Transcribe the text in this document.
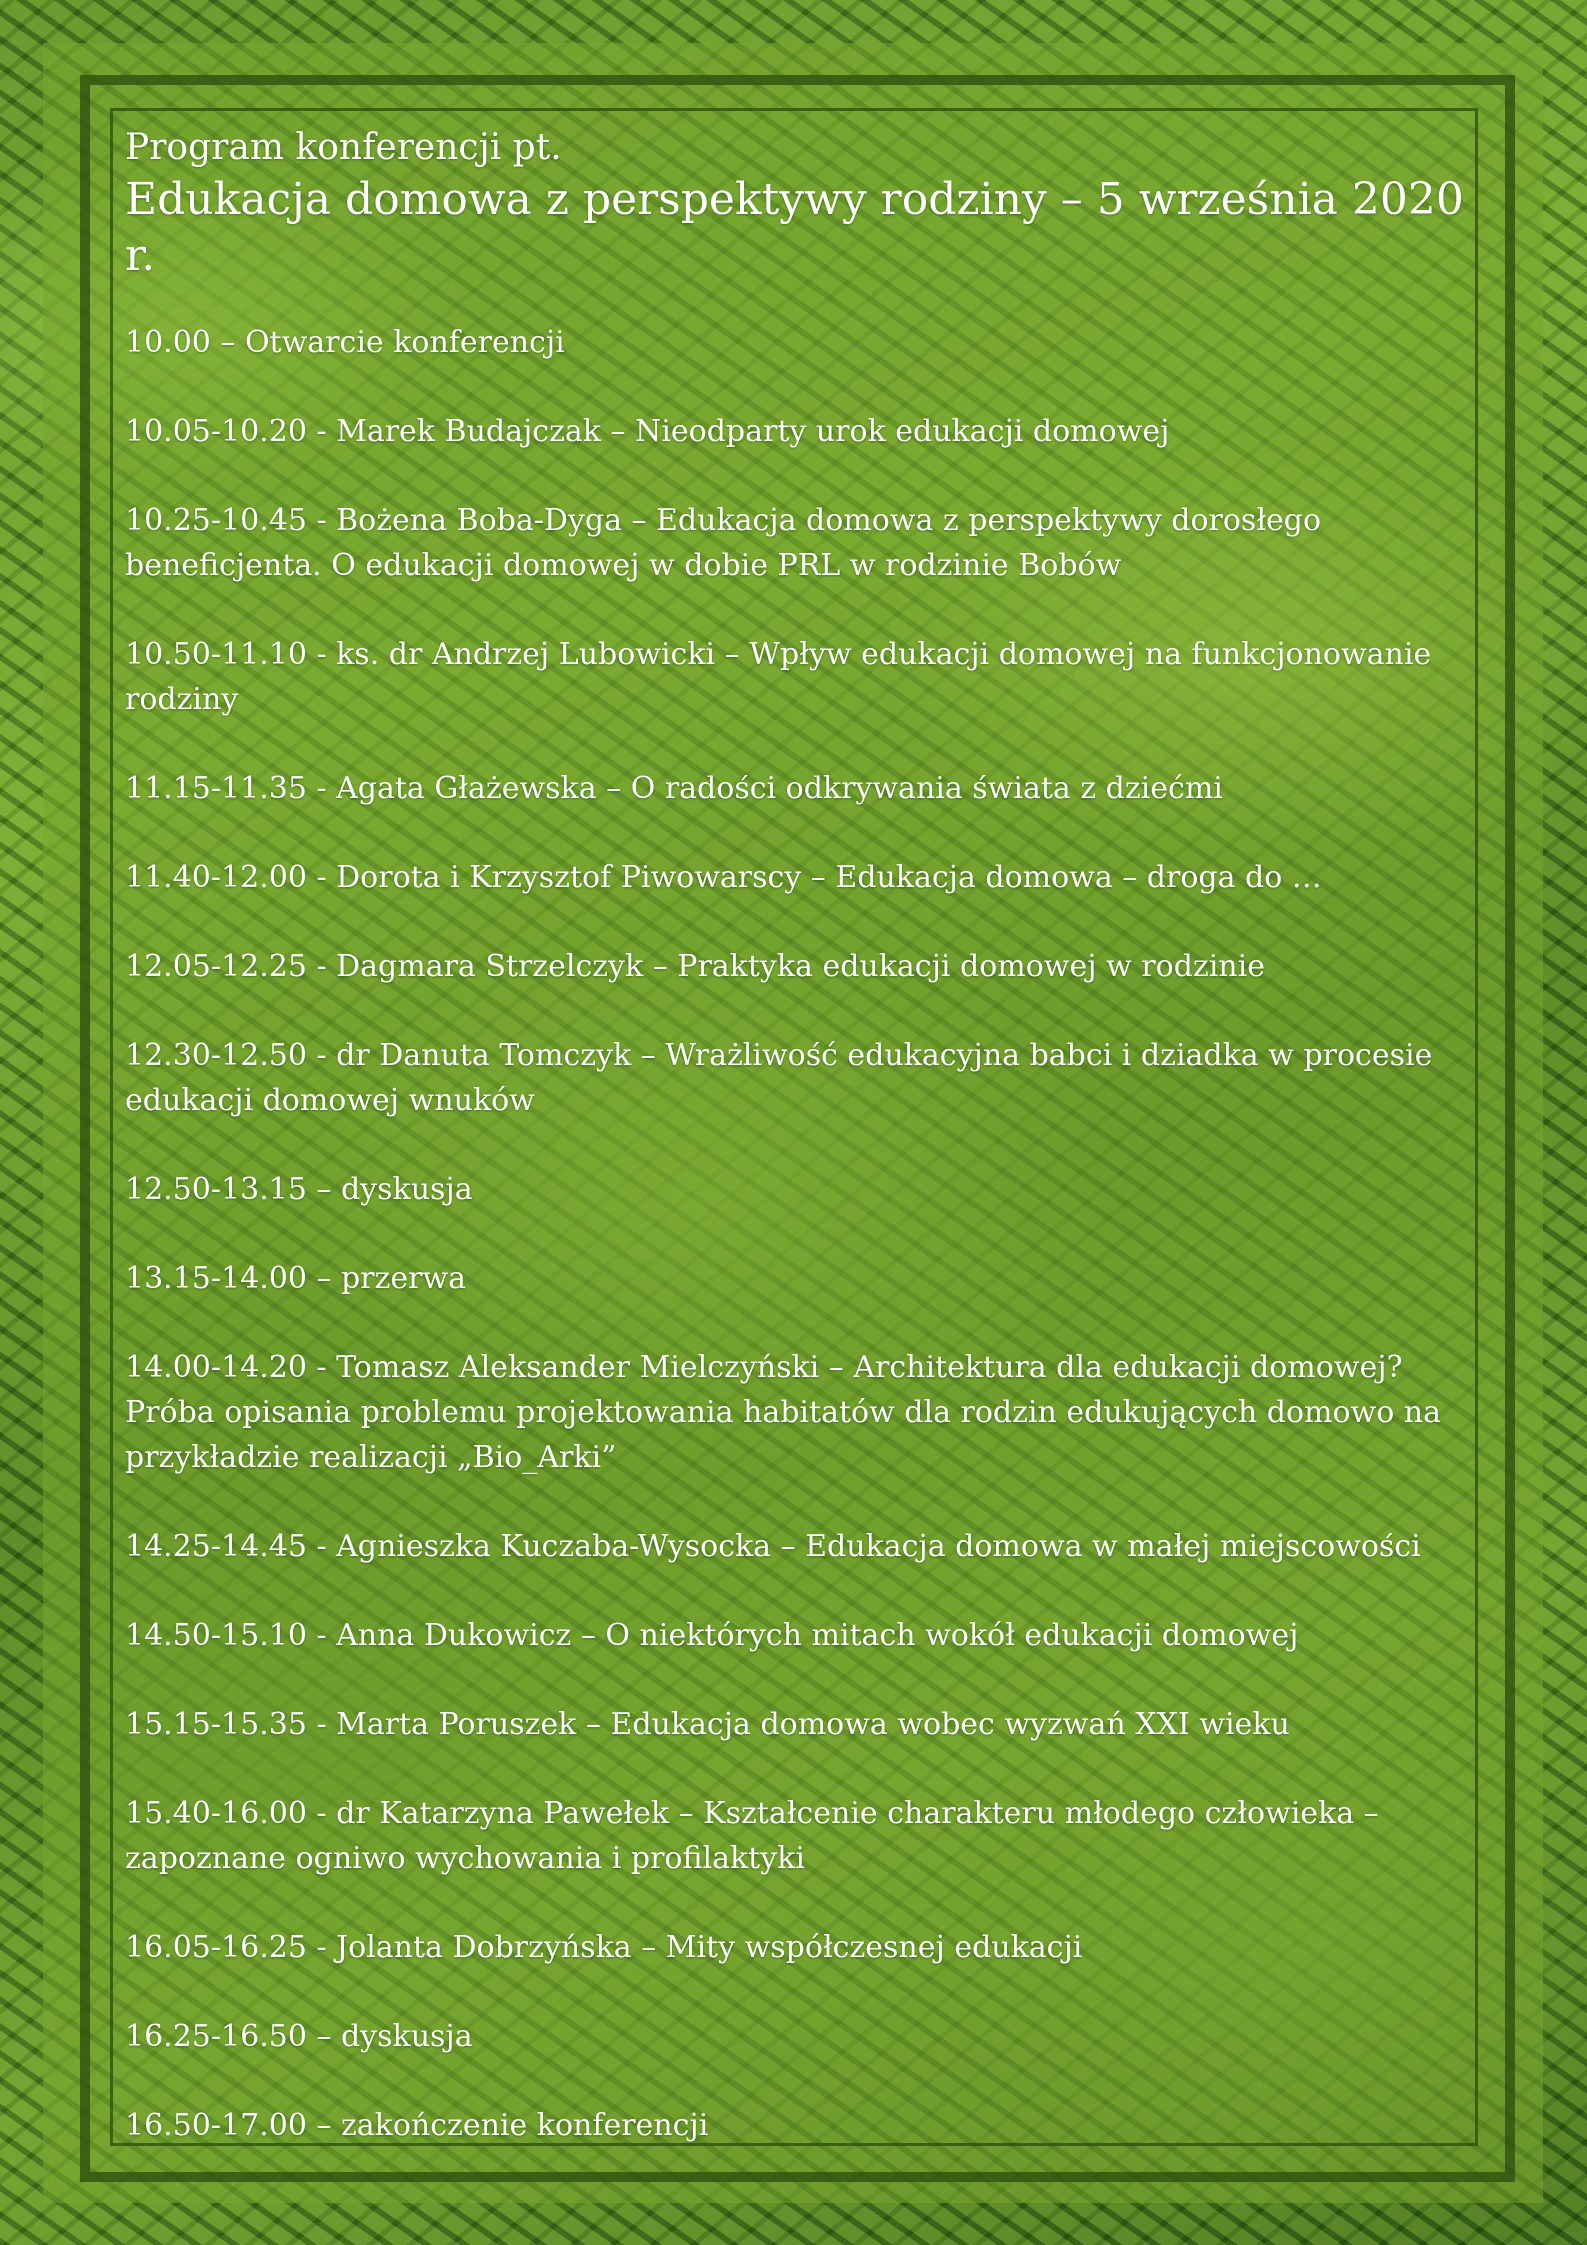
Program konferencji pt.
Edukacja domowa z perspektywy rodziny – 5 września 2020 r.
10.00 – Otwarcie konferencji
10.05-10.20 - Marek Budajczak – Nieodparty urok edukacji domowej
10.25-10.45 - Bożena Boba-Dyga – Edukacja domowa z perspektywy dorosłego beneficjenta. O edukacji domowej w dobie PRL w rodzinie Bobów
10.50-11.10 - ks. dr Andrzej Lubowicki – Wpływ edukacji domowej na funkcjonowanie rodziny
11.15-11.35 - Agata Głażewska – O radości odkrywania świata z dziećmi
11.40-12.00 - Dorota i Krzysztof Piwowarscy – Edukacja domowa – droga do …
12.05-12.25 - Dagmara Strzelczyk – Praktyka edukacji domowej w rodzinie
12.30-12.50 - dr Danuta Tomczyk – Wrażliwość edukacyjna babci i dziadka w procesie edukacji domowej wnuków
12.50-13.15 – dyskusja
13.15-14.00 – przerwa
14.00-14.20 - Tomasz Aleksander Mielczyński – Architektura dla edukacji domowej? Próba opisania problemu projektowania habitatów dla rodzin edukujących domowo na przykładzie realizacji „Bio_Arki”
14.25-14.45 - Agnieszka Kuczaba-Wysocka – Edukacja domowa w małej miejscowości
14.50-15.10 - Anna Dukowicz – O niektórych mitach wokół edukacji domowej
15.15-15.35 - Marta Poruszek – Edukacja domowa wobec wyzwań XXI wieku
15.40-16.00 - dr Katarzyna Pawełek – Kształcenie charakteru młodego człowieka – zapoznane ogniwo wychowania i profilaktyki
16.05-16.25 - Jolanta Dobrzyńska – Mity współczesnej edukacji
16.25-16.50 – dyskusja
16.50-17.00 – zakończenie konferencji
